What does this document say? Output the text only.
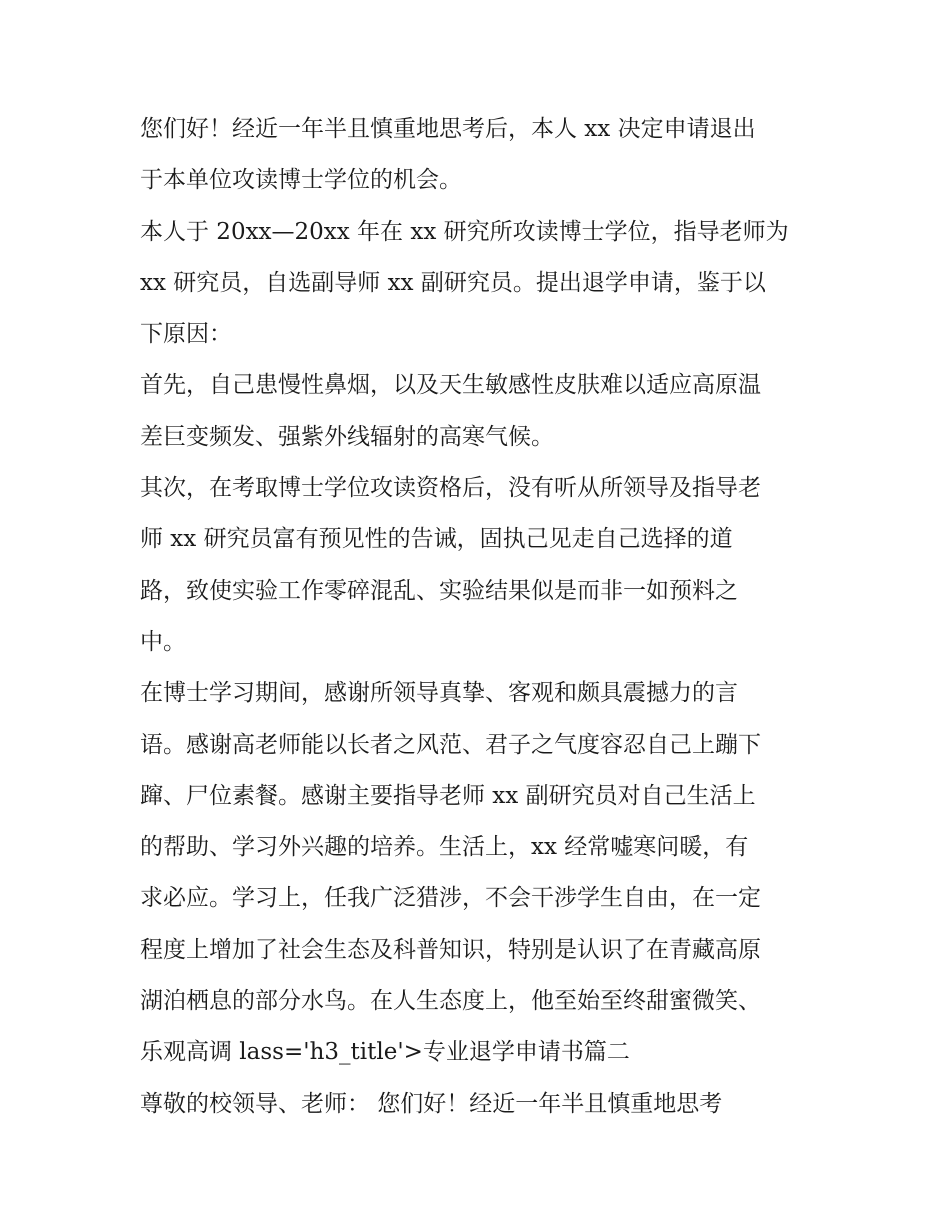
您们好！经近一年半且慎重地思考后，本人 xx 决定申请退出
于本单位攻读博士学位的机会。
本人于 20xx—20xx 年在 xx 研究所攻读博士学位，指导老师为
xx 研究员，自选副导师 xx 副研究员。提出退学申请，鉴于以
下原因：
首先，自己患慢性鼻烟，以及天生敏感性皮肤难以适应高原温
差巨变频发、强紫外线辐射的高寒气候。
其次，在考取博士学位攻读资格后，没有听从所领导及指导老
师 xx 研究员富有预见性的告诫，固执己见走自己选择的道
路，致使实验工作零碎混乱、实验结果似是而非一如预料之
中。
在博士学习期间，感谢所领导真挚、客观和颇具震撼力的言
语。感谢高老师能以长者之风范、君子之气度容忍自己上蹦下
蹿、尸位素餐。感谢主要指导老师 xx 副研究员对自己生活上
的帮助、学习外兴趣的培养。生活上，xx 经常嘘寒问暖，有
求必应。学习上，任我广泛猎涉，不会干涉学生自由，在一定
程度上增加了社会生态及科普知识，特别是认识了在青藏高原
湖泊栖息的部分水鸟。在人生态度上，他至始至终甜蜜微笑、
乐观高调 lass='h3_title'>专业退学申请书篇二
尊敬的校领导、老师： 您们好！经近一年半且慎重地思考
